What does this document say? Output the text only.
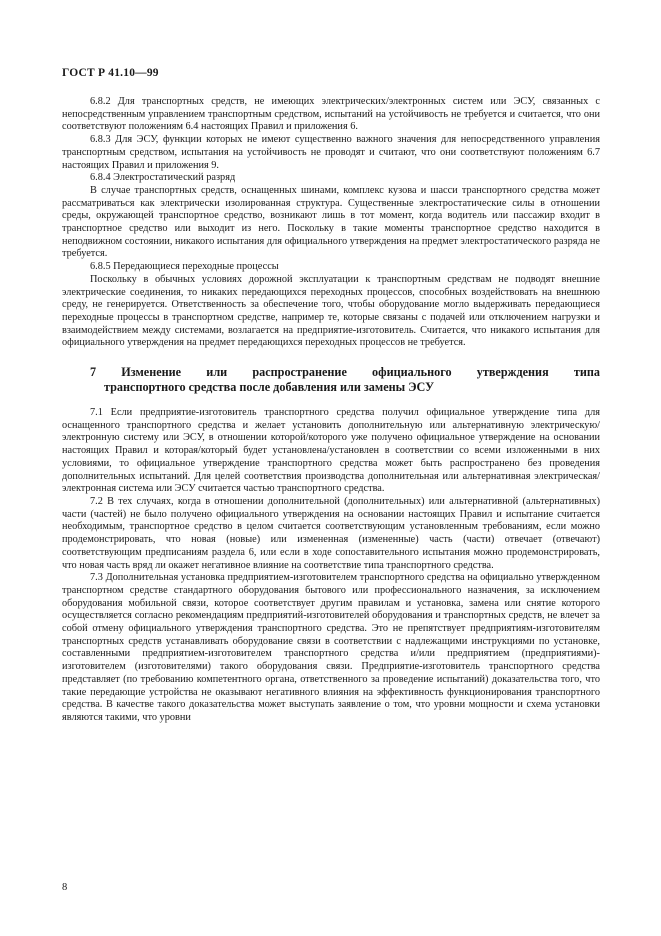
ГОСТ Р 41.10—99

6.8.2 Для транспортных средств, не имеющих электрических/электронных систем или ЭСУ, связанных с непосредственным управлением транспортным средством, испытаний на устойчивость не требуется и считается, что они соответствуют положениям 6.4 настоящих Правил и приложения 6.

6.8.3 Для ЭСУ, функции которых не имеют существенно важного значения для непосредственного управления транспортным средством, испытания на устойчивость не проводят и считают, что они соответствуют положениям 6.7 настоящих Правил и приложения 9.

6.8.4 Электростатический разряд

В случае транспортных средств, оснащенных шинами, комплекс кузова и шасси транспортного средства может рассматриваться как электрически изолированная структура. Существенные электростатические силы в отношении среды, окружающей транспортное средство, возникают лишь в тот момент, когда водитель или пассажир входит в транспортное средство или выходит из него. Поскольку в такие моменты транспортное средство находится в неподвижном состоянии, никакого испытания для официального утверждения на предмет электростатического разряда не требуется.

6.8.5 Передающиеся переходные процессы

Поскольку в обычных условиях дорожной эксплуатации к транспортным средствам не подводят внешние электрические соединения, то никаких передающихся переходных процессов, способных воздействовать на внешнюю среду, не генерируется. Ответственность за обеспечение того, чтобы оборудование могло выдерживать передающиеся переходные процессы в транспортном средстве, например те, которые связаны с подачей или отключением нагрузки и взаимодействием между системами, возлагается на предприятие-изготовитель. Считается, что никакого испытания для официального утверждения на предмет передающихся переходных процессов не требуется.

7 Изменение или распространение официального утверждения типа
транспортного средства после добавления или замены ЭСУ

7.1 Если предприятие-изготовитель транспортного средства получил официальное утверждение типа для оснащенного транспортного средства и желает установить дополнительную или альтернативную электрическую/электронную систему или ЭСУ, в отношении которой/которого уже получено официальное утверждение на основании настоящих Правил и которая/который будет установлена/установлен в соответствии со всеми изложенными в них условиями, то официальное утверждение транспортного средства может быть распространено без проведения дополнительных испытаний. Для целей соответствия производства дополнительная или альтернативная электрическая/электронная система или ЭСУ считается частью транспортного средства.

7.2 В тех случаях, когда в отношении дополнительной (дополнительных) или альтернативной (альтернативных) части (частей) не было получено официального утверждения на основании настоящих Правил и испытание считается необходимым, транспортное средство в целом считается соответствующим установленным требованиям, если можно продемонстрировать, что новая (новые) или измененная (измененные) часть (части) отвечает (отвечают) соответствующим предписаниям раздела 6, или если в ходе сопоставительного испытания можно продемонстрировать, что новая часть вряд ли окажет негативное влияние на соответствие типа транспортного средства.

7.3 Дополнительная установка предприятием-изготовителем транспортного средства на официально утвержденном транспортном средстве стандартного оборудования бытового или профессионального назначения, за исключением оборудования мобильной связи, которое соответствует другим правилам и установка, замена или снятие которого осуществляется согласно рекомендациям предприятий-изготовителей оборудования и транспортных средств, не влечет за собой отмену официального утверждения транспортного средства. Это не препятствует предприятиям-изготовителям транспортных средств устанавливать оборудование связи в соответствии с надлежащими инструкциями по установке, составленными предприятием-изготовителем транспортного средства и/или предприятием (предприятиями)-изготовителем (изготовителями) такого оборудования связи. Предприятие-изготовитель транспортного средства представляет (по требованию компетентного органа, ответственного за проведение испытаний) доказательства того, что такие передающие устройства не оказывают негативного влияния на эффективность функционирования транспортного средства. В качестве такого доказательства может выступать заявление о том, что уровни мощности и схема установки являются такими, что уровни

8
